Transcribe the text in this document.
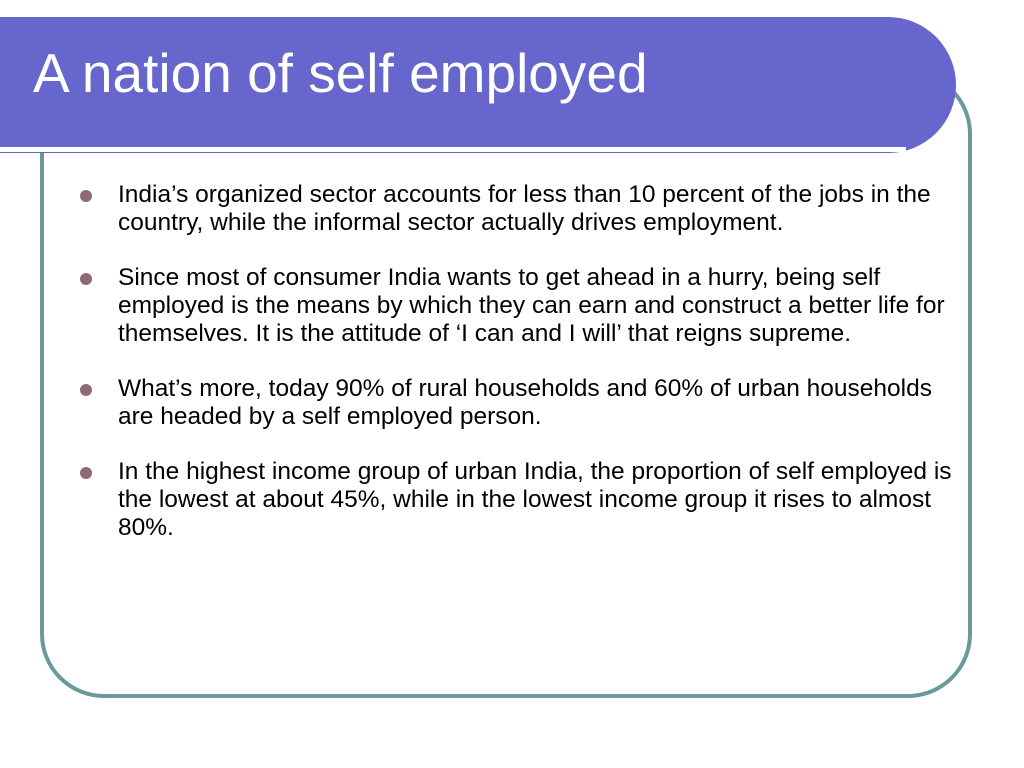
A nation of self employed
India’s organized sector accounts for less than 10 percent of the jobs in the country, while the informal sector actually drives employment.
Since most of consumer India wants to get ahead in a hurry, being self employed is the means by which they can earn and construct a better life for themselves. It is the attitude of ‘I can and I will’ that reigns supreme.
What’s more, today 90% of rural households and 60% of urban households are headed by a self employed person.
In the highest income group of urban India, the proportion of self employed is the lowest at about 45%, while in the lowest income group it rises to almost 80%.
